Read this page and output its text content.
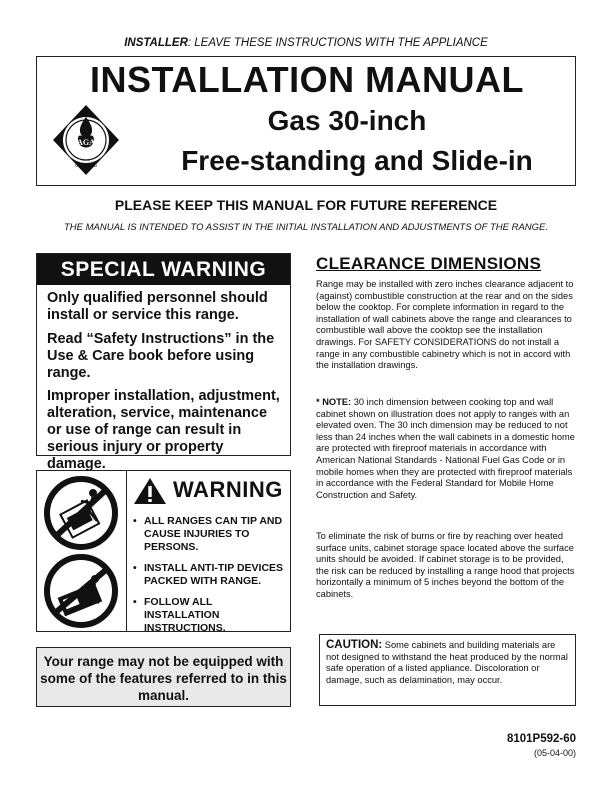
INSTALLER: LEAVE THESE INSTRUCTIONS WITH THE APPLIANCE
INSTALLATION MANUAL
AGA
CERTIFIED
Gas 30-inch
Free-standing and Slide-in
PLEASE KEEP THIS MANUAL FOR FUTURE REFERENCE
THE MANUAL IS INTENDED TO ASSIST IN THE INITIAL INSTALLATION AND ADJUSTMENTS OF THE RANGE.
SPECIAL WARNING
Only qualified personnel should install or service this range.
Read “Safety Instructions” in the Use & Care book before using range.
Improper installation, adjustment, alteration, service, maintenance or use of range can result in serious injury or property damage.
WARNING
• ALL RANGES CAN TIP AND CAUSE INJURIES TO PERSONS.
• INSTALL ANTI-TIP DEVICES PACKED WITH RANGE.
• FOLLOW ALL INSTALLATION INSTRUCTIONS.
Your range may not be equipped with some of the features referred to in this manual.
CLEARANCE DIMENSIONS
Range may be installed with zero inches clearance adjacent to (against) combustible construction at the rear and on the sides below the cooktop. For complete information in regard to the installation of wall cabinets above the range and clearances to combustible wall above the cooktop see the installation drawings. For SAFETY CONSIDERATIONS do not install a range in any combustible cabinetry which is not in accord with the installation drawings.
* NOTE: 30 inch dimension between cooking top and wall cabinet shown on illustration does not apply to ranges with an elevated oven. The 30 inch dimension may be reduced to not less than 24 inches when the wall cabinets in a domestic home are protected with fireproof materials in accordance with American National Standards - National Fuel Gas Code or in mobile homes when they are protected with fireproof materials in accordance with the Federal Standard for Mobile Home Construction and Safety.
To eliminate the risk of burns or fire by reaching over heated surface units, cabinet storage space located above the surface units should be avoided. If cabinet storage is to be provided, the risk can be reduced by installing a range hood that projects horizontally a minimum of 5 inches beyond the bottom of the cabinets.
CAUTION: Some cabinets and building materials are not designed to withstand the heat produced by the normal safe operation of a listed appliance. Discoloration or damage, such as delamination, may occur.
8101P592-60
(05-04-00)
